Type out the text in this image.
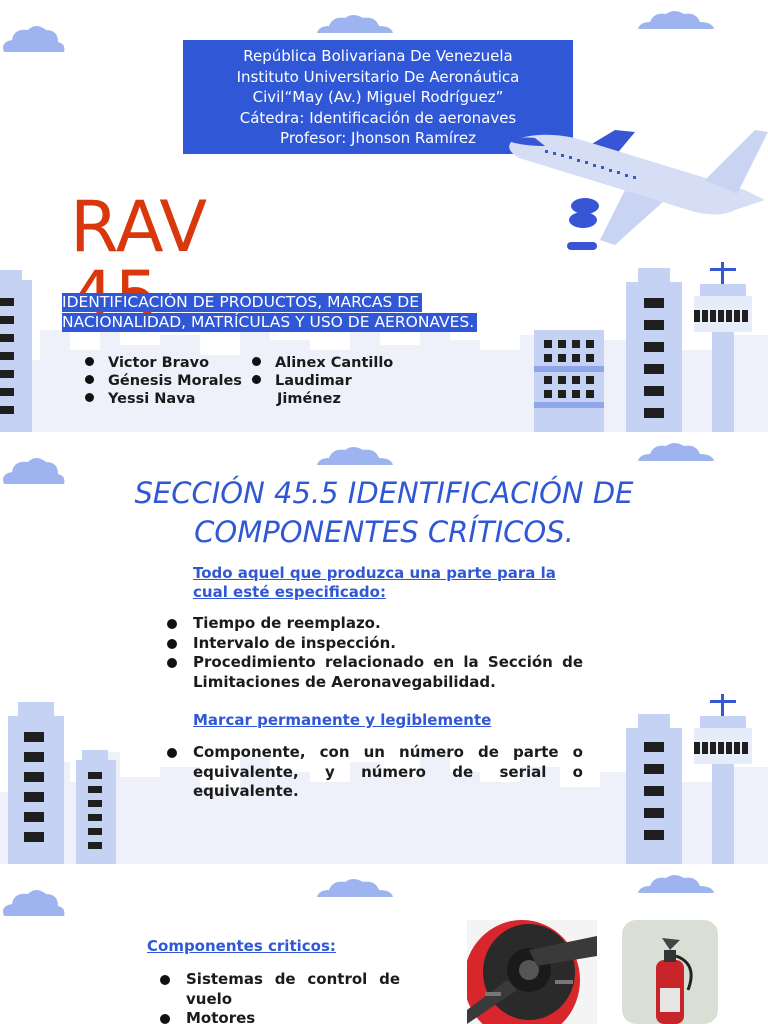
República Bolivariana De Venezuela
Instituto Universitario De Aeronáutica
Civil“May (Av.) Miguel Rodríguez”
Cátedra: Identificación de aeronaves
Profesor: Jhonson Ramírez
RAV
IDENTIFICACIÓN DE PRODUCTOS, MARCAS DE
NACIONALIDAD, MATRÍCULAS Y USO DE AERONAVES.
Victor Bravo
Génesis Morales
Yessi Nava
Alinex Cantillo
Laudimar
Jiménez
SECCIÓN 45.5 IDENTIFICACIÓN DE
COMPONENTES CRÍTICOS.
Todo aquel que produzca una parte para la
cual esté especificado:
Tiempo de reemplazo.
Intervalo de inspección.
Procedimiento relacionado en la Sección de Limitaciones de Aeronavegabilidad.
Marcar permanente y legiblemente
Componente, con un número de parte o equivalente, y número de serial o equivalente.
Componentes criticos:
Sistemas de control de vuelo
Motores
